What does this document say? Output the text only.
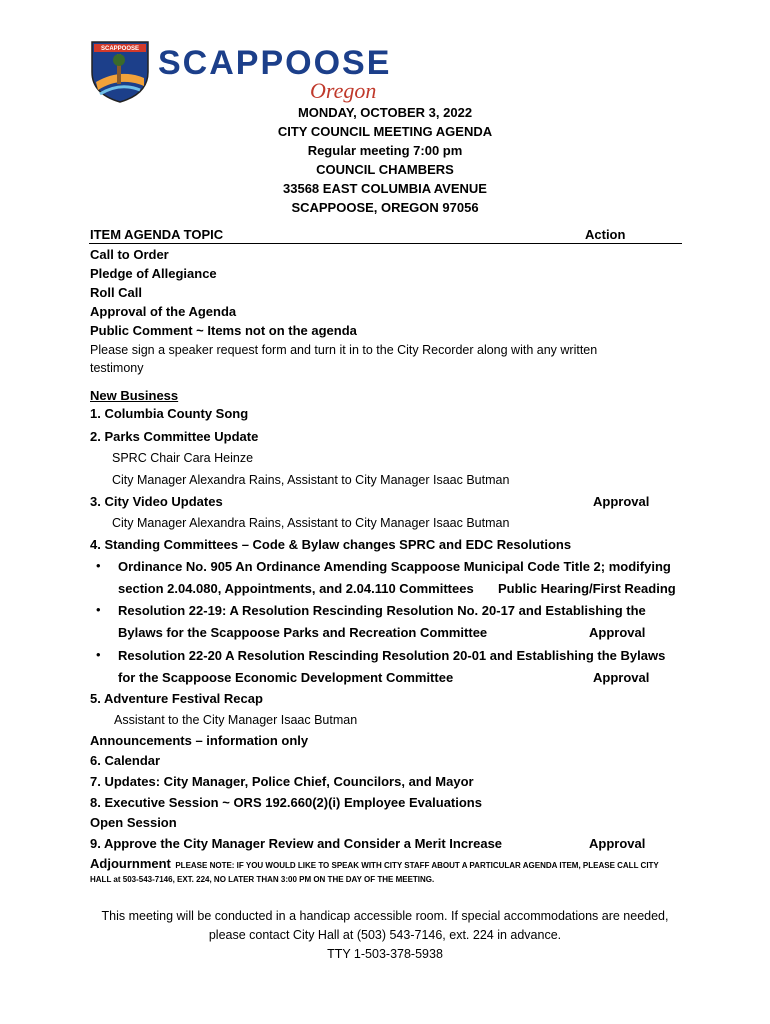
SCAPPOOSE SCAPPOOSE
Oregon
MONDAY, OCTOBER 3, 2022
CITY COUNCIL MEETING AGENDA
Regular meeting 7:00 pm
COUNCIL CHAMBERS
33568 EAST COLUMBIA AVENUE
SCAPPOOSE, OREGON 97056
ITEM AGENDA TOPIC	Action
Call to Order
Pledge of Allegiance
Roll Call
Approval of the Agenda
Public Comment ~ Items not on the agenda
Please sign a speaker request form and turn it in to the City Recorder along with any written
testimony
New Business
1. Columbia County Song
2. Parks Committee Update
SPRC Chair Cara Heinze
City Manager Alexandra Rains, Assistant to City Manager Isaac Butman
3. City Video Updates	Approval
City Manager Alexandra Rains, Assistant to City Manager Isaac Butman
4. Standing Committees – Code & Bylaw changes SPRC and EDC Resolutions
• Ordinance No. 905 An Ordinance Amending Scappoose Municipal Code Title 2; modifying
section 2.04.080, Appointments, and 2.04.110 Committees Public Hearing/First Reading
• Resolution 22-19: A Resolution Rescinding Resolution No. 20-17 and Establishing the
Bylaws for the Scappoose Parks and Recreation Committee	Approval
• Resolution 22-20 A Resolution Rescinding Resolution 20-01 and Establishing the Bylaws
for the Scappoose Economic Development Committee	Approval
5. Adventure Festival Recap
Assistant to the City Manager Isaac Butman
Announcements – information only
6. Calendar
7. Updates: City Manager, Police Chief, Councilors, and Mayor
8. Executive Session ~ ORS 192.660(2)(i) Employee Evaluations
Open Session
9. Approve the City Manager Review and Consider a Merit Increase	Approval
Adjournment PLEASE NOTE: IF YOU WOULD LIKE TO SPEAK WITH CITY STAFF ABOUT A PARTICULAR AGENDA ITEM, PLEASE CALL CITY
HALL at 503-543-7146, EXT. 224, NO LATER THAN 3:00 PM ON THE DAY OF THE MEETING.
This meeting will be conducted in a handicap accessible room. If special accommodations are needed,
please contact City Hall at (503) 543-7146, ext. 224 in advance.
TTY 1-503-378-5938
